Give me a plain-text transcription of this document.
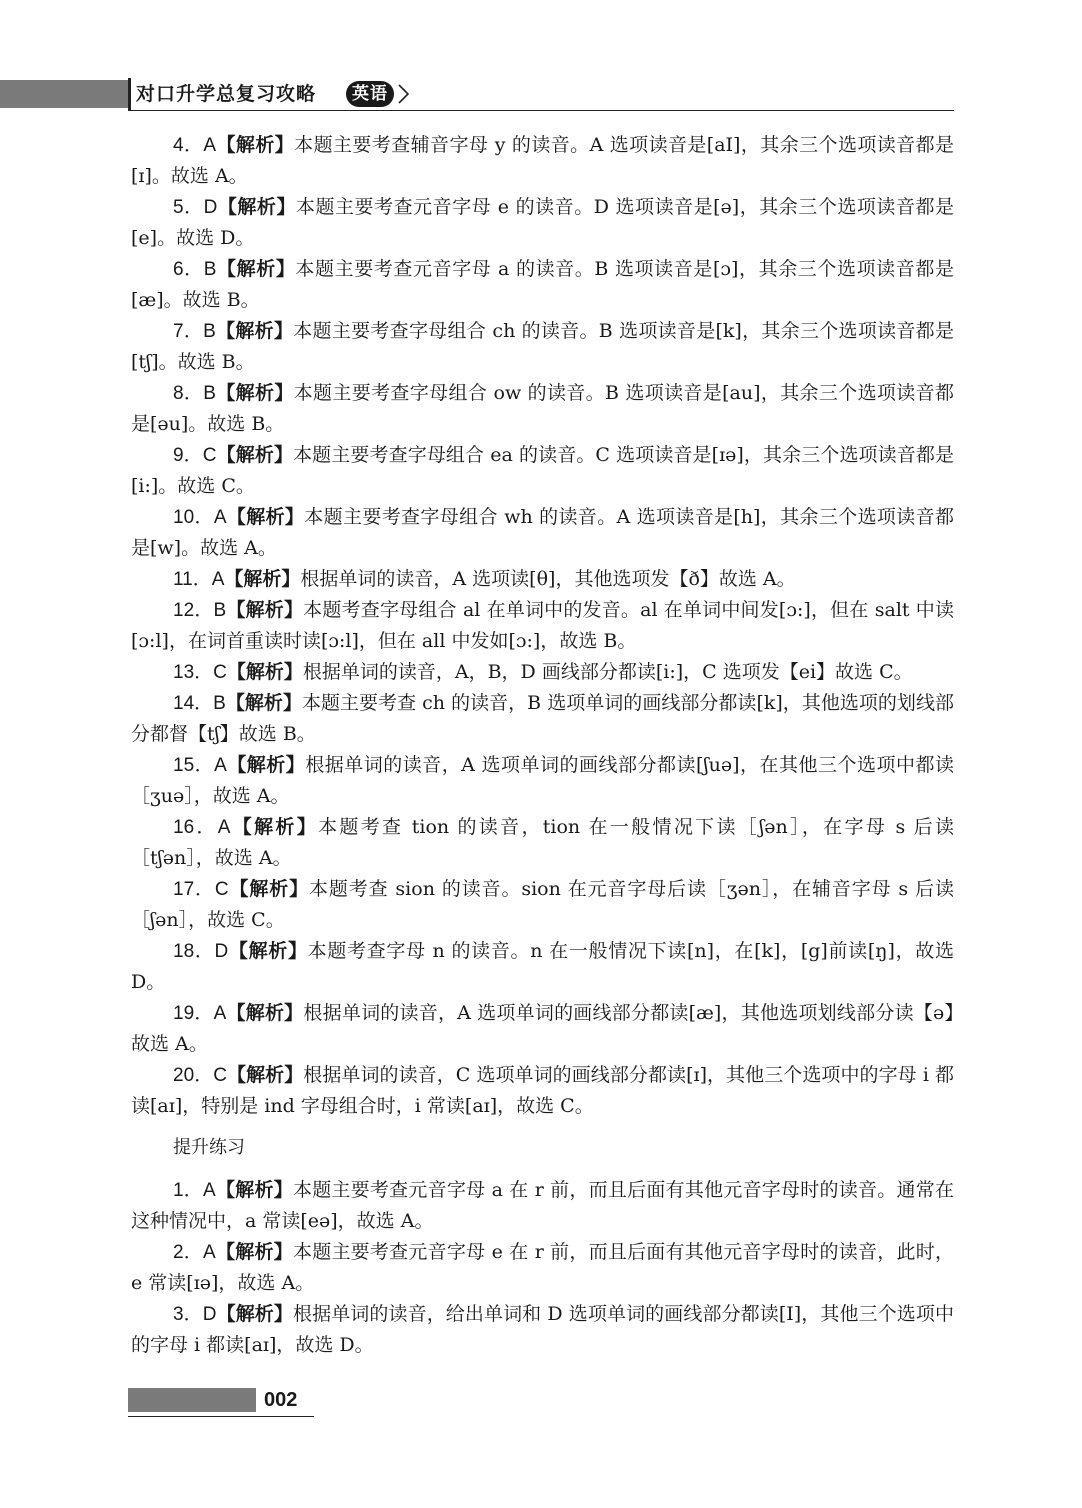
对口升学总复习攻略	英语

4．A【解析】本题主要考查辅音字母 y 的读音。A 选项读音是[aI]，其余三个选项读音都是[ɪ]。故选 A。

5．D【解析】本题主要考查元音字母 e 的读音。D 选项读音是[ə]，其余三个选项读音都是[e]。故选 D。

6．B【解析】本题主要考查元音字母 a 的读音。B 选项读音是[ɔ]，其余三个选项读音都是[æ]。故选 B。

7．B【解析】本题主要考查字母组合 ch 的读音。B 选项读音是[k]，其余三个选项读音都是[tʃ]。故选 B。

8．B【解析】本题主要考查字母组合 ow 的读音。B 选项读音是[au]，其余三个选项读音都是[əu]。故选 B。

9．C【解析】本题主要考查字母组合 ea 的读音。C 选项读音是[ɪə]，其余三个选项读音都是[i:]。故选 C。

10．A【解析】本题主要考查字母组合 wh 的读音。A 选项读音是[h]，其余三个选项读音都是[w]。故选 A。

11．A【解析】根据单词的读音，A 选项读[θ]，其他选项发【ð】故选 A。

12．B【解析】本题考查字母组合 al 在单词中的发音。al 在单词中间发[ɔ:]，但在 salt 中读[ɔ:l]，在词首重读时读[ɔ:l]，但在 all 中发如[ɔ:]，故选 B。

13．C【解析】根据单词的读音，A，B，D 画线部分都读[i:]，C 选项发【ei】故选 C。

14．B【解析】本题主要考查 ch 的读音，B 选项单词的画线部分都读[k]，其他选项的划线部分都督【tʃ】故选 B。

15．A【解析】根据单词的读音，A 选项单词的画线部分都读[ʃuə]，在其他三个选项中都读［ʒuə］，故选 A。

16．A【解析】本题考查 tion 的读音，tion 在一般情况下读［ʃən］，在字母 s 后读［tʃən］，故选 A。

17．C【解析】本题考查 sion 的读音。sion 在元音字母后读［ʒən］，在辅音字母 s 后读［ʃən］，故选 C。

18．D【解析】本题考查字母 n 的读音。n 在一般情况下读[n]，在[k]，[g]前读[ŋ]，故选 D。

19．A【解析】根据单词的读音，A 选项单词的画线部分都读[æ]，其他选项划线部分读【ə】故选 A。

20．C【解析】根据单词的读音，C 选项单词的画线部分都读[ɪ]，其他三个选项中的字母 i 都读[aɪ]，特别是 ind 字母组合时，i 常读[aɪ]，故选 C。

提升练习

1．A【解析】本题主要考查元音字母 a 在 r 前，而且后面有其他元音字母时的读音。通常在这种情况中，a 常读[eə]，故选 A。

2．A【解析】本题主要考查元音字母 e 在 r 前，而且后面有其他元音字母时的读音，此时，e 常读[ɪə]，故选 A。

3．D【解析】根据单词的读音，给出单词和 D 选项单词的画线部分都读[I]，其他三个选项中的字母 i 都读[aɪ]，故选 D。

002
